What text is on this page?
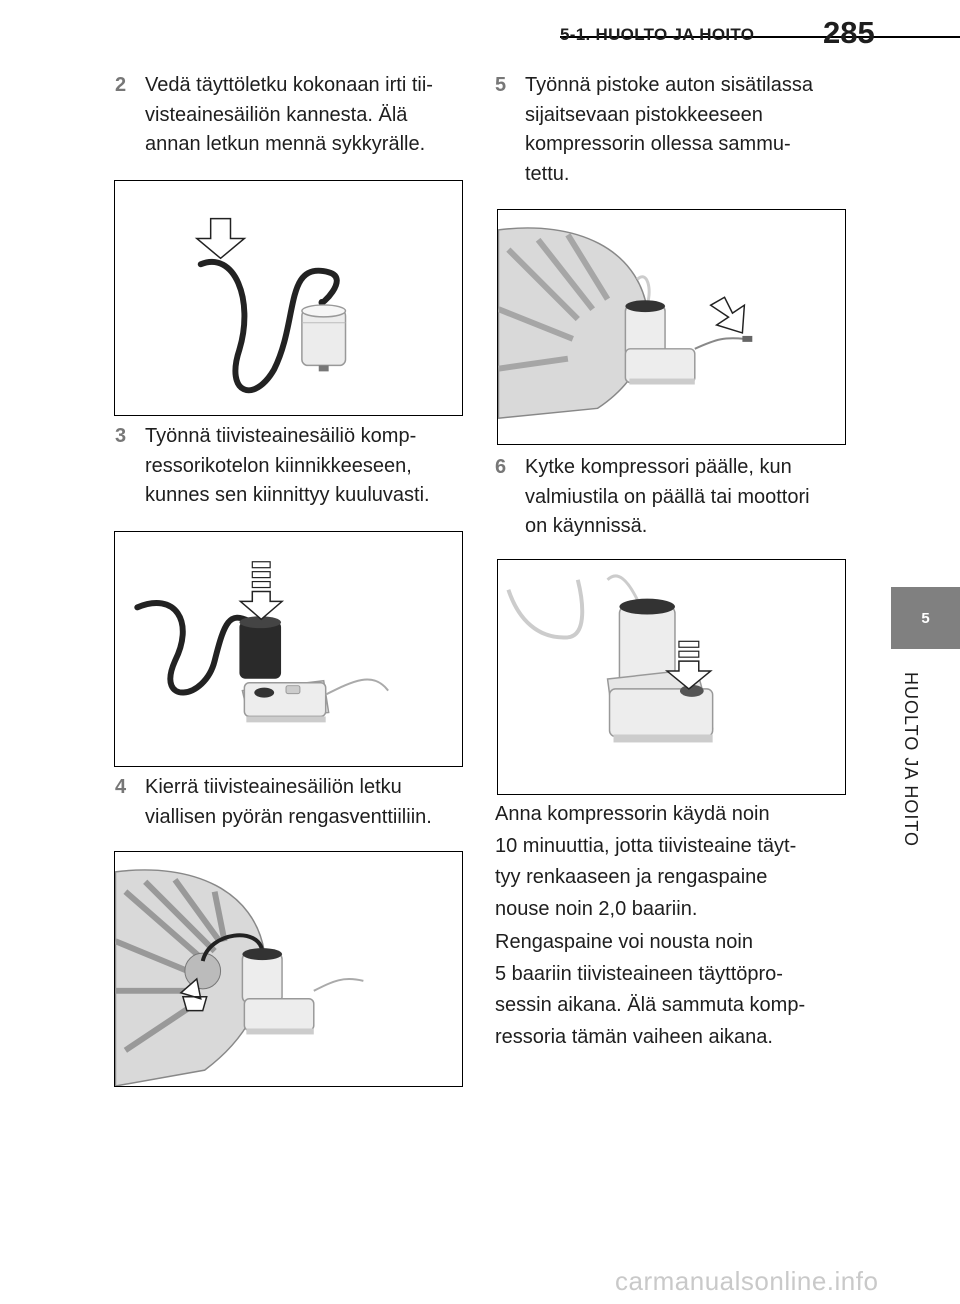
5-1. HUOLTO JA HOITO 285
5
HUOLTO JA HOITO
2 Vedä täyttöletku kokonaan irti tii-
visteainesäiliön kannesta. Älä
annan letkun mennä sykkyrälle.
3 Työnnä tiivisteainesäiliö komp-
ressorikotelon kiinnikkeeseen,
kunnes sen kiinnittyy kuuluvasti.
4 Kierrä tiivisteainesäiliön letku
viallisen pyörän rengasventtiiliin.
5 Työnnä pistoke auton sisätilassa
sijaitsevaan pistokkeeseen
kompressorin ollessa sammu-
tettu.
6 Kytke kompressori päälle, kun
valmiustila on päällä tai moottori
on käynnissä.
Anna kompressorin käydä noin
10 minuuttia, jotta tiivisteaine täyt-
tyy renkaaseen ja rengaspaine
nouse noin 2,0 baariin.
Rengaspaine voi nousta noin
5 baariin tiivisteaineen täyttöpro-
sessin aikana. Älä sammuta komp-
ressoria tämän vaiheen aikana.
carmanualsonline.info
